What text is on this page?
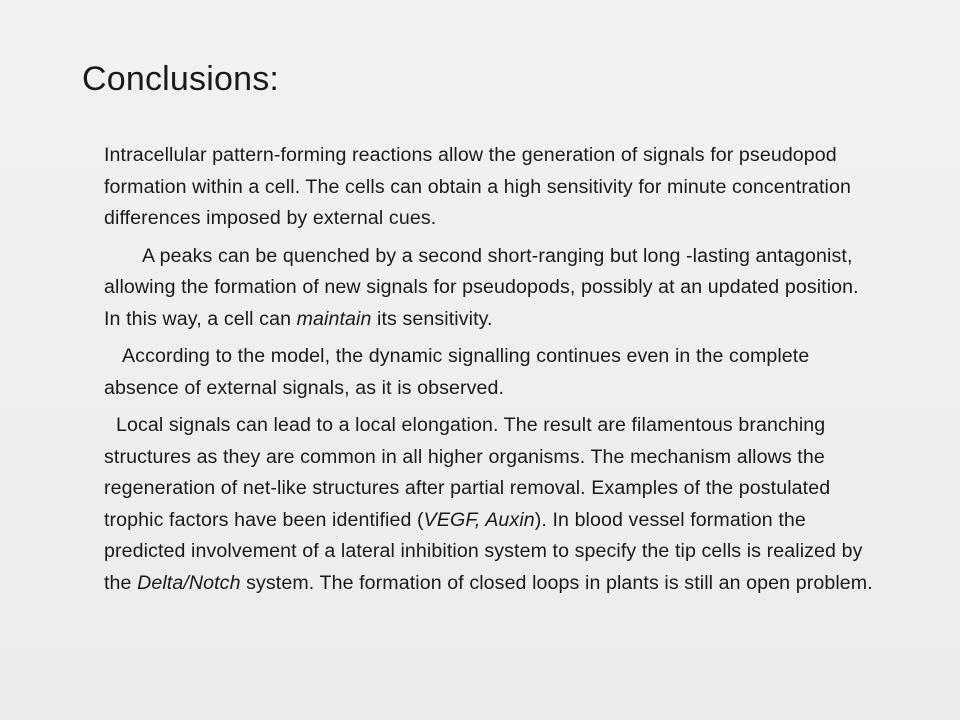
Conclusions:

Intracellular pattern-forming reactions allow the generation of signals for pseudopod formation within a cell. The cells can obtain a high sensitivity for minute concentration differences imposed by external cues.

A peaks can be quenched by a second short-ranging but long -lasting antagonist, allowing the formation of new signals for pseudopods, possibly at an updated position. In this way, a cell can maintain its sensitivity.

According to the model, the dynamic signalling continues even in the complete absence of external signals, as it is observed.

Local signals can lead to a local elongation. The result are filamentous branching structures as they are common in all higher organisms. The mechanism allows the regeneration of net-like structures after partial removal. Examples of the postulated trophic factors have been identified (VEGF, Auxin). In blood vessel formation the predicted involvement of a lateral inhibition system to specify the tip cells is realized by the Delta/Notch system. The formation of closed loops in plants is still an open problem.
